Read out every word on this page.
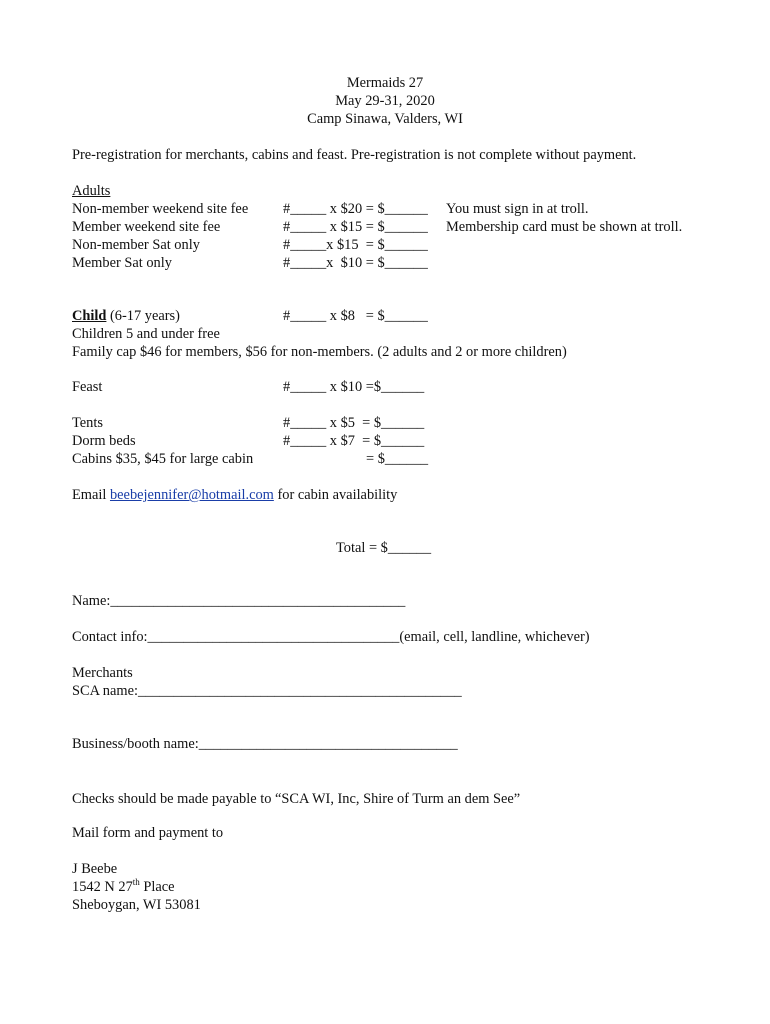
Mermaids 27
May 29-31, 2020
Camp Sinawa, Valders, WI
Pre-registration for merchants, cabins and feast. Pre-registration is not complete without payment.
Adults
Non-member weekend site fee #_____ x $20 = $______ You must sign in at troll.
Member weekend site fee	#_____ x $15 = $______ Membership card must be shown at troll.
Non-member Sat only	#_____x $15  = $______
Member Sat only	#_____x  $10 = $______
Child (6-17 years)	#_____ x $8   = $______
Children 5 and under free
Family cap $46 for members, $56 for non-members. (2 adults and 2 or more children)
Feast	#_____ x $10 =$______
Tents	#_____ x $5  = $______
Dorm beds	#_____ x $7  = $______
Cabins $35, $45 for large cabin	= $______
Email beebejennifer@hotmail.com for cabin availability
Total = $______
Name:_________________________________________
Contact info:___________________________________(email, cell, landline, whichever)
Merchants
SCA name:_____________________________________________
Business/booth name:____________________________________
Checks should be made payable to “SCA WI, Inc, Shire of Turm an dem See”
Mail form and payment to
J Beebe
1542 N 27th Place
Sheboygan, WI 53081
